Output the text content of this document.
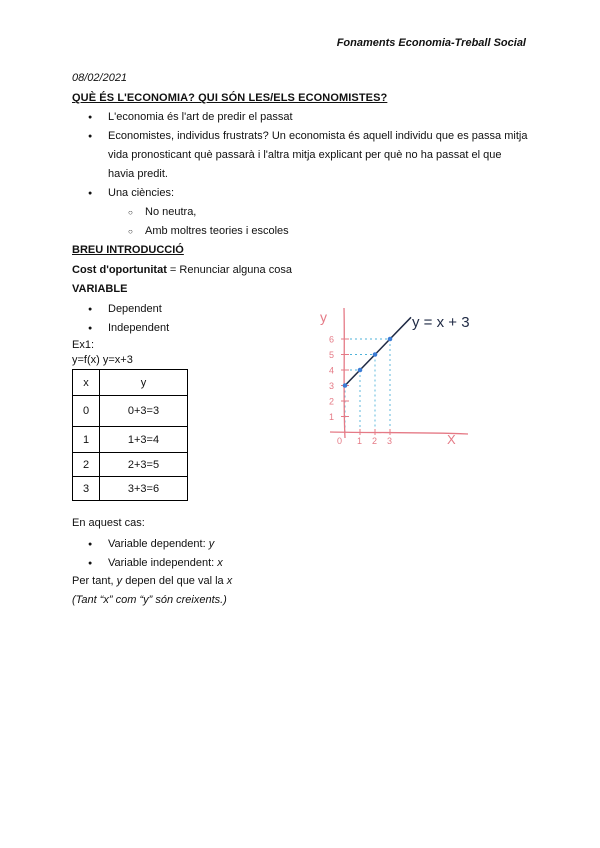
Fonaments Economia-Treball Social
08/02/2021
QUÈ ÉS L'ECONOMIA? QUI SÓN LES/ELS ECONOMISTES?
● L'economia és l'art de predir el passat
● Economistes, individus frustrats? Un economista és aquell individu que es passa mitja vida pronosticant què passarà i l'altra mitja explicant per què no ha passat el que havia predit.
● Una ciències:
○ No neutra,
○ Amb moltres teories i escoles
BREU INTRODUCCIÓ
Cost d'oportunitat = Renunciar alguna cosa
VARIABLE
● Dependent
● Independent
Ex1:
y=f(x) y=x+3
x	y
0	0+3=3
1	1+3=4
2	2+3=5
3	3+3=6
1
2
3
4
5
6
0 1 2 3
y
X
y = x + 3
En aquest cas:
● Variable dependent: y
● Variable independent: x
Per tant, y depen del que val la x
(Tant “x” com “y” són creixents.)
